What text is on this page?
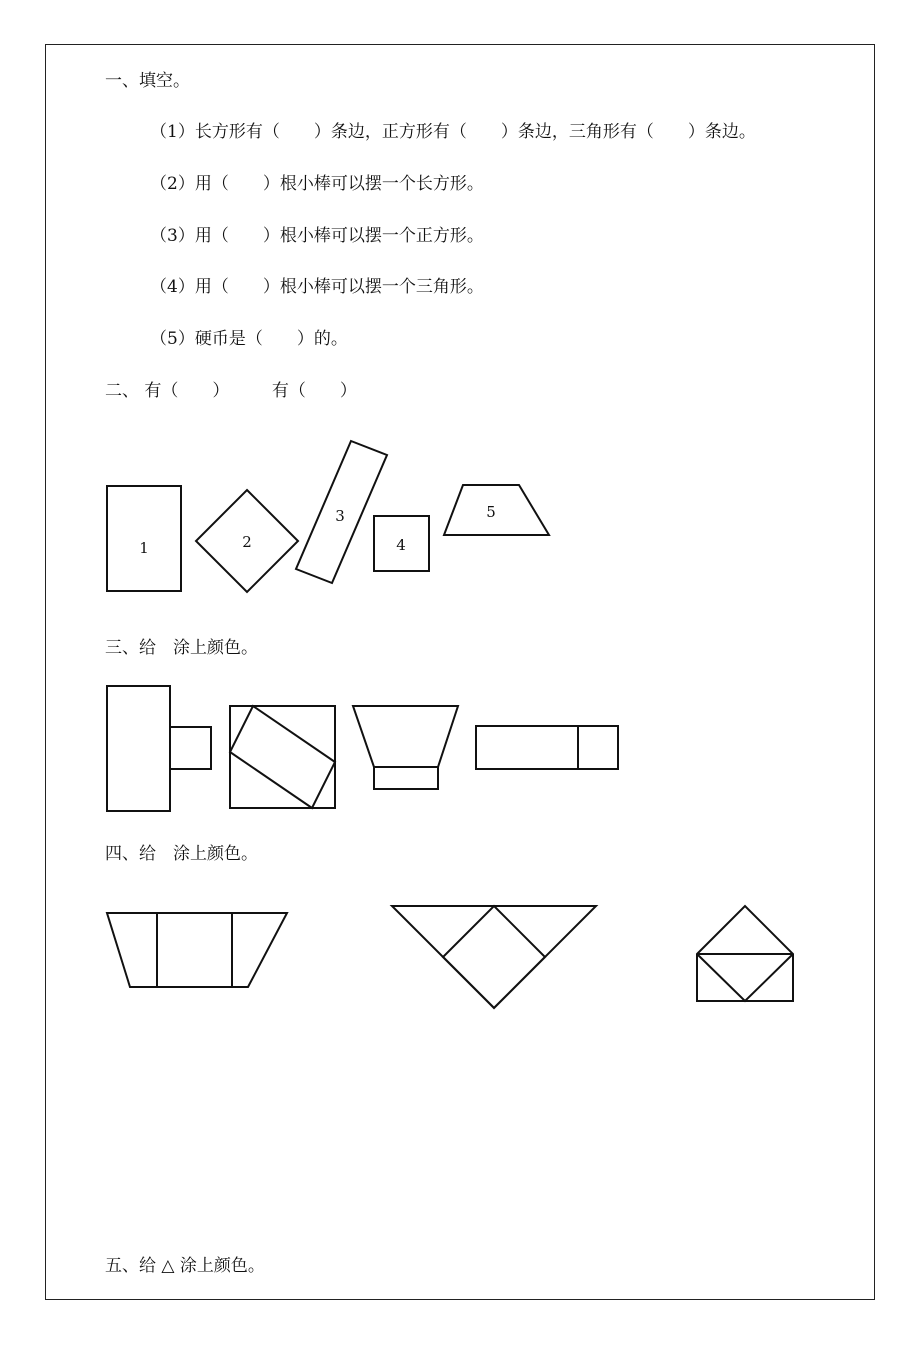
一、填空。
（1）长方形有（　　）条边，正方形有（　　）条边，三角形有（　　）条边。
（2）用（　　）根小棒可以摆一个长方形。
（3）用（　　）根小棒可以摆一个正方形。
（4）用（　　）根小棒可以摆一个三角形。
（5）硬币是（　　）的。
二、 有（　　）　　　有（　　）
1	2
3
4
5
三、给　涂上颜色。
四、给　涂上颜色。
五、给 △ 涂上颜色。
